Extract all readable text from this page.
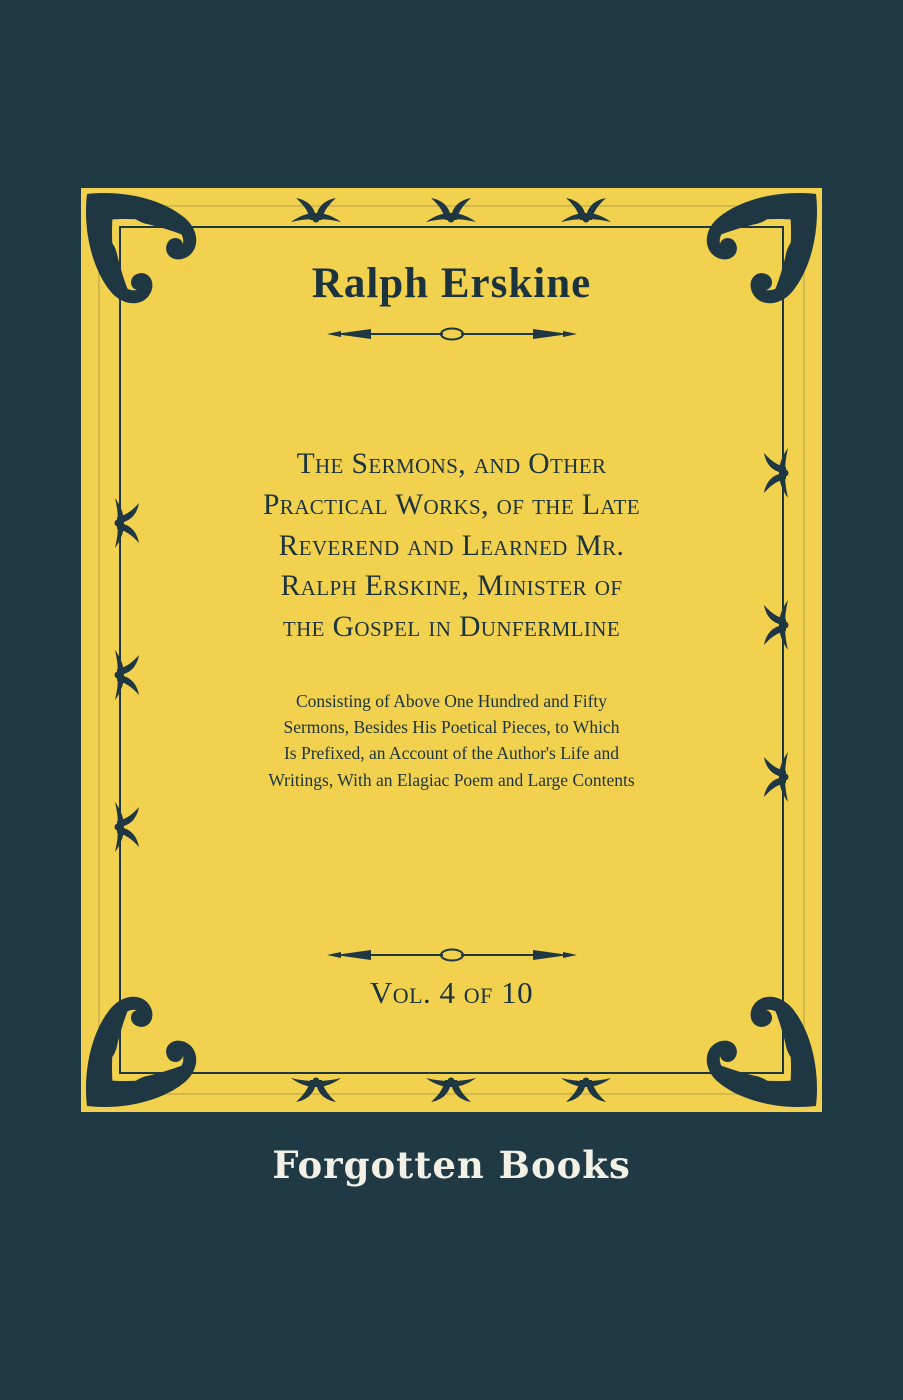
Ralph Erskine
The Sermons, and Other
Practical Works, of the Late
Reverend and Learned Mr.
Ralph Erskine, Minister of
the Gospel in Dunfermline
Consisting of Above One Hundred and Fifty
Sermons, Besides His Poetical Pieces, to Which
Is Prefixed, an Account of the Author's Life and
Writings, With an Elagiac Poem and Large Contents
Vol. 4 of 10
Forgotten Books
